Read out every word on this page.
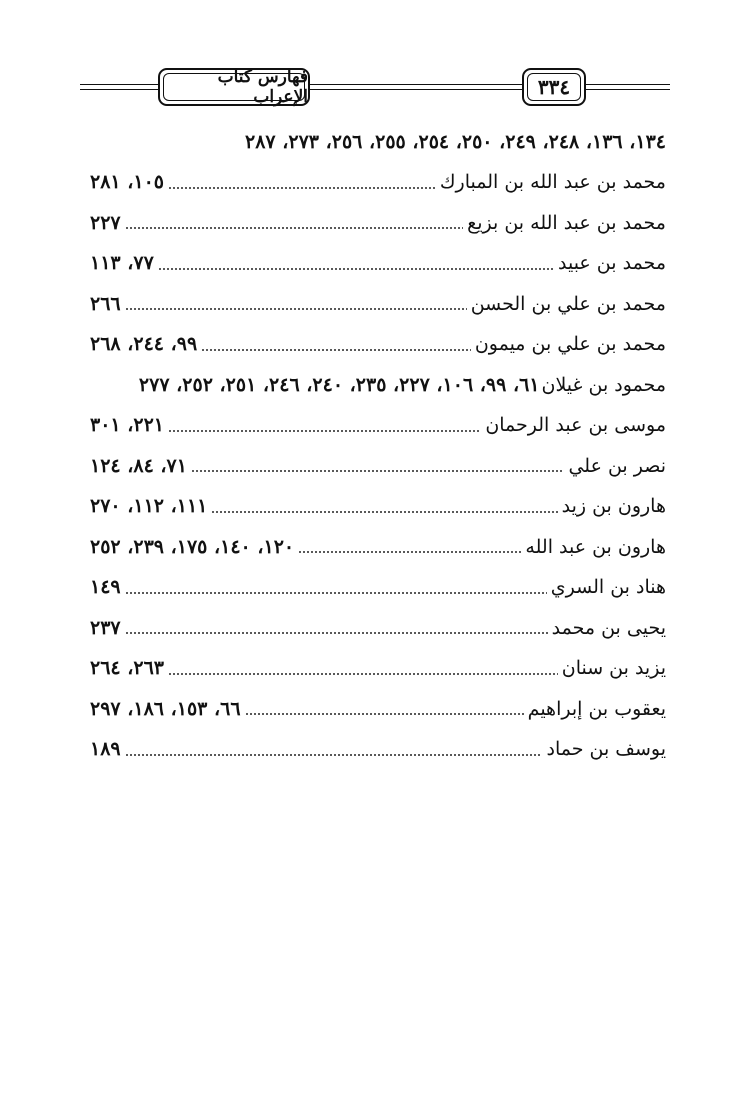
فهارس كتاب الإعراب	٣٣٤
١٣٤، ١٣٦، ٢٤٨، ٢٤٩، ٢٥٠، ٢٥٤، ٢٥٥، ٢٥٦، ٢٧٣، ٢٨٧
محمد بن عبد الله بن المبارك
١٠٥، ٢٨١
محمد بن عبد الله بن بزيع
٢٢٧
محمد بن عبيد
٧٧، ١١٣
محمد بن علي بن الحسن
٢٦٦
محمد بن علي بن ميمون
٩٩، ٢٤٤، ٢٦٨
محمود بن غيلان
٦١، ٩٩، ١٠٦، ٢٢٧، ٢٣٥، ٢٤٠، ٢٤٦، ٢٥١، ٢٥٢، ٢٧٧
موسى بن عبد الرحمان
٢٢١، ٣٠١
نصر بن علي
٧١، ٨٤، ١٢٤
هارون بن زيد
١١١، ١١٢، ٢٧٠
هارون بن عبد الله
١٢٠، ١٤٠، ١٧٥، ٢٣٩، ٢٥٢
هناد بن السري
١٤٩
يحيى بن محمد
٢٣٧
يزيد بن سنان
٢٦٣، ٢٦٤
يعقوب بن إبراهيم
٦٦، ١٥٣، ١٨٦، ٢٩٧
يوسف بن حماد
١٨٩
